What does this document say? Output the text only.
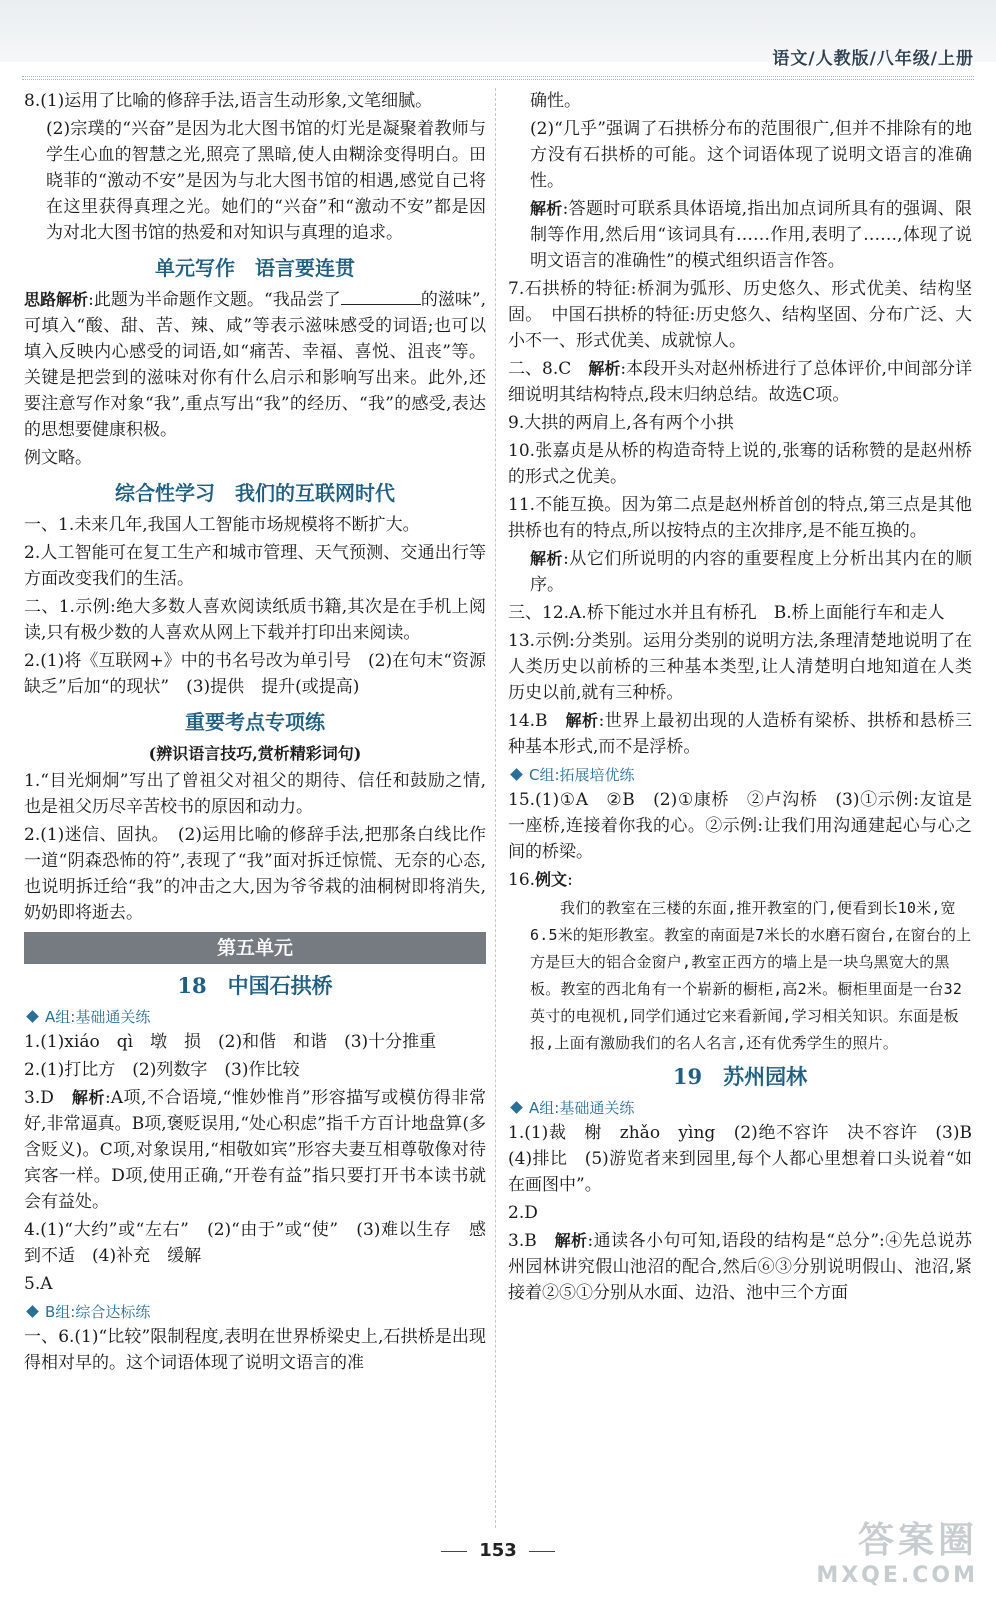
语文/人教版/八年级/上册
8.(1)运用了比喻的修辞手法,语言生动形象,文笔细腻。
(2)宗璞的“兴奋”是因为北大图书馆的灯光是凝聚着教师与学生心血的智慧之光,照亮了黑暗,使人由糊涂变得明白。田晓菲的“激动不安”是因为与北大图书馆的相遇,感觉自己将在这里获得真理之光。她们的“兴奋”和“激动不安”都是因为对北大图书馆的热爱和对知识与真理的追求。
单元写作　语言要连贯
思路解析:此题为半命题作文题。“我品尝了	的滋味”,可填入“酸、甜、苦、辣、咸”等表示滋味感受的词语;也可以填入反映内心感受的词语,如“痛苦、幸福、喜悦、沮丧”等。关键是把尝到的滋味对你有什么启示和影响写出来。此外,还要注意写作对象“我”,重点写出“我”的经历、“我”的感受,表达的思想要健康积极。
例文略。
综合性学习　我们的互联网时代
一、1.未来几年,我国人工智能市场规模将不断扩大。
2.人工智能可在复工生产和城市管理、天气预测、交通出行等方面改变我们的生活。
二、1.示例:绝大多数人喜欢阅读纸质书籍,其次是在手机上阅读,只有极少数的人喜欢从网上下载并打印出来阅读。
2.(1)将《互联网+》中的书名号改为单引号　(2)在句末“资源缺乏”后加“的现状”　(3)提供　提升(或提高)
重要考点专项练
(辨识语言技巧,赏析精彩词句)
1.“目光炯炯”写出了曾祖父对祖父的期待、信任和鼓励之情,也是祖父历尽辛苦校书的原因和动力。
2.(1)迷信、固执。　(2)运用比喻的修辞手法,把那条白线比作一道“阴森恐怖的符”,表现了“我”面对拆迁惊慌、无奈的心态,也说明拆迁给“我”的冲击之大,因为爷爷栽的油桐树即将消失,奶奶即将逝去。
第五单元
18　中国石拱桥
A组:基础通关练
1.(1)xiáo　qì　墩　损　(2)和偕　和谐　(3)十分推重
2.(1)打比方　(2)列数字　(3)作比较
3.D　解析:A项,不合语境,“惟妙惟肖”形容描写或模仿得非常好,非常逼真。B项,褒贬误用,“处心积虑”指千方百计地盘算(多含贬义)。C项,对象误用,“相敬如宾”形容夫妻互相尊敬像对待宾客一样。D项,使用正确,“开卷有益”指只要打开书本读书就会有益处。
4.(1)“大约”或“左右”　(2)“由于”或“使”　(3)难以生存　感到不适　(4)补充　缓解
5.A
B组:综合达标练
一、6.(1)“比较”限制程度,表明在世界桥梁史上,石拱桥是出现得相对早的。这个词语体现了说明文语言的准
确性。
(2)“几乎”强调了石拱桥分布的范围很广,但并不排除有的地方没有石拱桥的可能。这个词语体现了说明文语言的准确性。
解析:答题时可联系具体语境,指出加点词所具有的强调、限制等作用,然后用“该词具有……作用,表明了……,体现了说明文语言的准确性”的模式组织语言作答。
7.石拱桥的特征:桥洞为弧形、历史悠久、形式优美、结构坚固。　中国石拱桥的特征:历史悠久、结构坚固、分布广泛、大小不一、形式优美、成就惊人。
二、8.C　解析:本段开头对赵州桥进行了总体评价,中间部分详细说明其结构特点,段末归纳总结。故选C项。
9.大拱的两肩上,各有两个小拱
10.张嘉贞是从桥的构造奇特上说的,张骞的话称赞的是赵州桥的形式之优美。
11.不能互换。因为第二点是赵州桥首创的特点,第三点是其他拱桥也有的特点,所以按特点的主次排序,是不能互换的。
解析:从它们所说明的内容的重要程度上分析出其内在的顺序。
三、12.A.桥下能过水并且有桥孔　B.桥上面能行车和走人
13.示例:分类别。运用分类别的说明方法,条理清楚地说明了在人类历史以前桥的三种基本类型,让人清楚明白地知道在人类历史以前,就有三种桥。
14.B　解析:世界上最初出现的人造桥有梁桥、拱桥和悬桥三种基本形式,而不是浮桥。
C组:拓展培优练
15.(1)①A　②B　(2)①康桥　②卢沟桥　(3)①示例:友谊是一座桥,连接着你我的心。②示例:让我们用沟通建起心与心之间的桥梁。
16.例文:
我们的教室在三楼的东面,推开教室的门,便看到长10米,宽6.5米的矩形教室。教室的南面是7米长的水磨石窗台,在窗台的上方是巨大的铝合金窗户,教室正西方的墙上是一块乌黑宽大的黑板。教室的西北角有一个崭新的橱柜,高2米。橱柜里面是一台32英寸的电视机,同学们通过它来看新闻,学习相关知识。东面是板报,上面有激励我们的名人名言,还有优秀学生的照片。
19　苏州园林
A组:基础通关练
1.(1)裁　榭　zhǎo　yìng　(2)绝不容许　决不容许　(3)B　(4)排比　(5)游览者来到园里,每个人都心里想着口头说着“如在画图中”。
2.D
3.B　解析:通读各小句可知,语段的结构是“总分”:④先总说苏州园林讲究假山池沼的配合,然后⑥③分别说明假山、池沼,紧接着②⑤①分别从水面、边沿、池中三个方面
153	答案圈
MXQE.COM
